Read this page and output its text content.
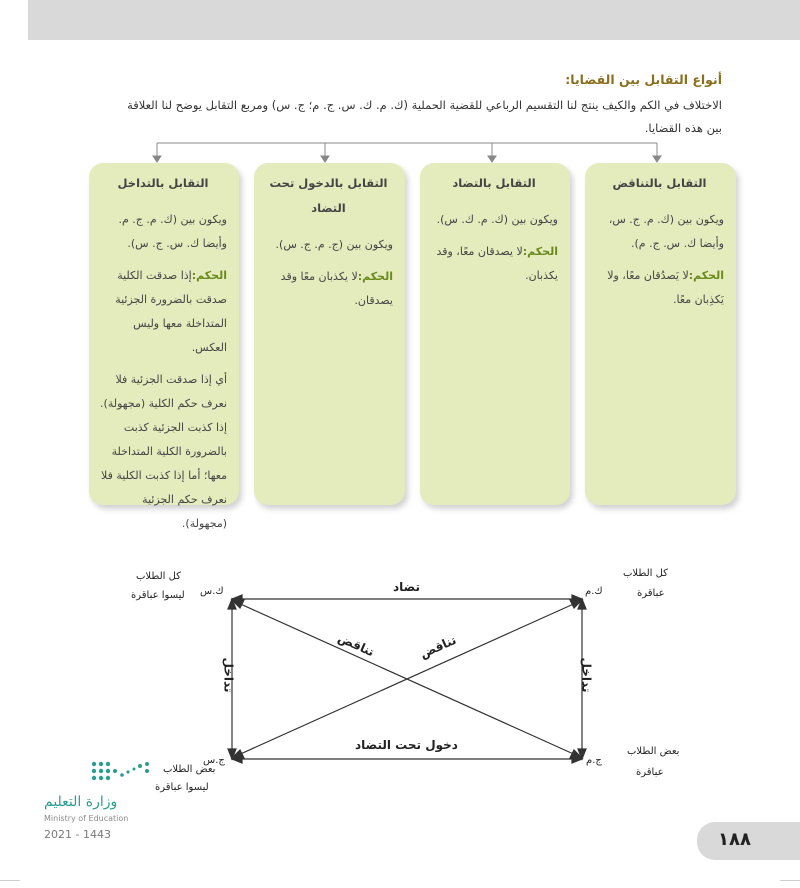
أنواع التقابل بين القضايا:
الاختلاف في الكم والكيف ينتج لنا التقسيم الرباعي للقضية الحملية (ك. م. ك. س. ج. م؛ ج. س) ومربع التقابل يوضح لنا العلاقة
بين هذه القضايا.
التقابل بالتناقض

ويكون بين (ك. م. ج. س، وأيضا ك. س. ج. م).

الحكم:لا يَصدُقان معًا، ولا يَكذِبان معًا.

التقابل بالتضاد

ويكون بين (ك. م. ك. س).

الحكم:لا يصدقان معًا، وقد يكذبان.

التقابل بالدخول تحت التضاد

ويكون بين (ج. م. ج. س).

الحكم:لا يكذبان معًا وقد يصدقان.

التقابل بالتداخل

ويكون بين (ك. م. ج. م. وأيضا ك. س. ج. س).

الحكم:إذا صدقت الكلية صدقت بالضرورة الجزئية المتداخلة معها وليس العكس.

أي إذا صدقت الجزئية فلا نعرف حكم الكلية (مجهولة). إذا كذبت الجزئية كذبت بالضرورة الكلية المتداخلة معها؛ أما إذا كذبت الكلية فلا نعرف حكم الجزئية (مجهولة).

تضاد
دخول تحت التضاد
تداخل	تداخل
تناقض	تناقض
ك.س	ك.م
ج.س	ج.م
كل الطلاب
ليسوا عباقرة
كل الطلاب
عباقرة
بعض الطلاب
ليسوا عباقرة
بعض الطلاب
عباقرة
وزارة التعليم
Ministry of Education
2021 - 1443	١٨٨
